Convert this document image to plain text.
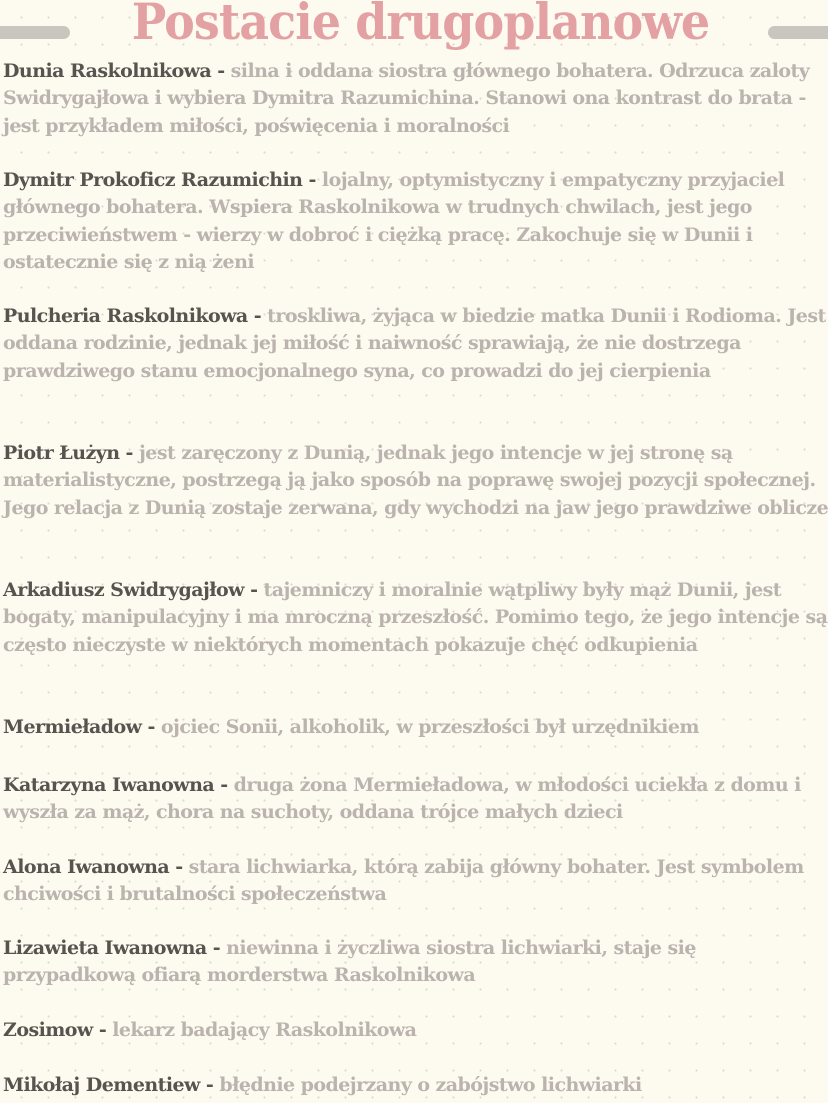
Postacie drugoplanowe

Dunia Raskolnikowa - silna i oddana siostra głównego bohatera. Odrzuca zaloty Swidrygajłowa i wybiera Dymitra Razumichina. Stanowi ona kontrast do brata - jest przykładem miłości, poświęcenia i moralności

Dymitr Prokoficz Razumichin - lojalny, optymistyczny i empatyczny przyjaciel głównego bohatera. Wspiera Raskolnikowa w trudnych chwilach, jest jego przeciwieństwem - wierzy w dobroć i ciężką pracę. Zakochuje się w Dunii i ostatecznie się z nią żeni

Pulcheria Raskolnikowa - troskliwa, żyjąca w biedzie matka Dunii i Rodioma. Jest oddana rodzinie, jednak jej miłość i naiwność sprawiają, że nie dostrzega prawdziwego stanu emocjonalnego syna, co prowadzi do jej cierpienia

Piotr Łużyn - jest zaręczony z Dunią, jednak jego intencje w jej stronę są materialistyczne, postrzegą ją jako sposób na poprawę swojej pozycji społecznej. Jego relacja z Dunią zostaje zerwana, gdy wychodzi na jaw jego prawdziwe oblicze

Arkadiusz Swidrygajłow - tajemniczy i moralnie wątpliwy były mąż Dunii, jest bogaty, manipulacyjny i ma mroczną przeszłość. Pomimo tego, że jego intencje są często nieczyste w niektórych momentach pokazuje chęć odkupienia

Mermieładow - ojciec Sonii, alkoholik, w przeszłości był urzędnikiem

Katarzyna Iwanowna - druga żona Mermieładowa, w młodości uciekła z domu i wyszła za mąż, chora na suchoty, oddana trójce małych dzieci

Alona Iwanowna - stara lichwiarka, którą zabija główny bohater. Jest symbolem chciwości i brutalności społeczeństwa

Lizawieta Iwanowna - niewinna i życzliwa siostra lichwiarki, staje się przypadkową ofiarą morderstwa Raskolnikowa

Zosimow - lekarz badający Raskolnikowa

Mikołaj Dementiew - błędnie podejrzany o zabójstwo lichwiarki
